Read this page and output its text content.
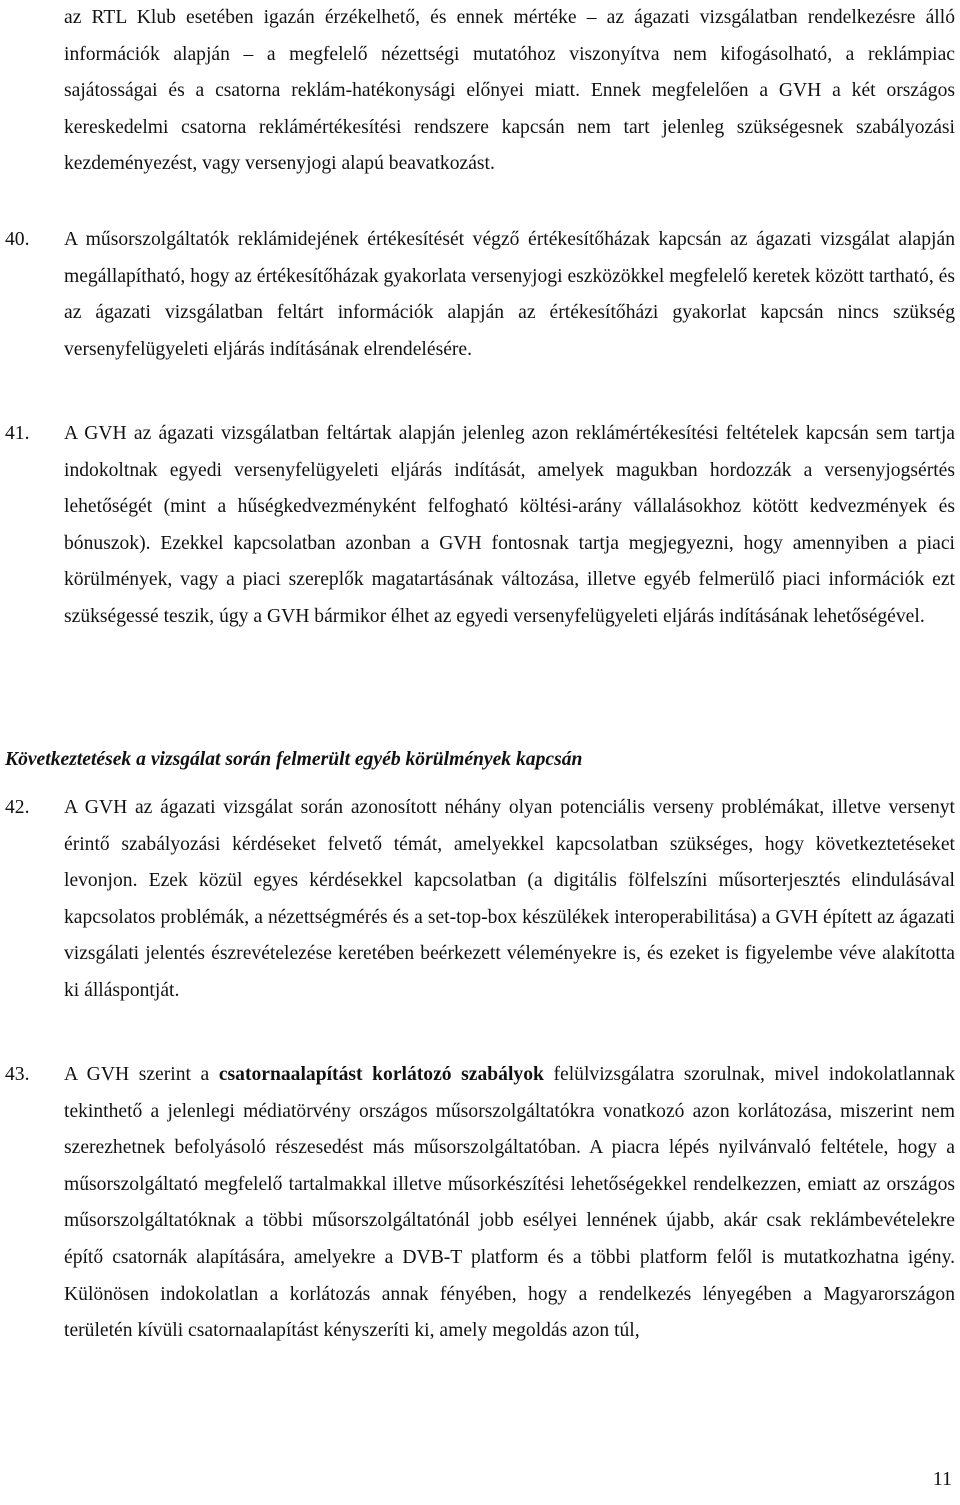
az RTL Klub esetében igazán érzékelhető, és ennek mértéke – az ágazati vizsgálatban rendelkezésre álló információk alapján – a megfelelő nézettségi mutatóhoz viszonyítva nem kifogásolható, a reklámpiac sajátosságai és a csatorna reklám-hatékonysági előnyei miatt. Ennek megfelelően a GVH a két országos kereskedelmi csatorna reklámértékesítési rendszere kapcsán nem tart jelenleg szükségesnek szabályozási kezdeményezést, vagy versenyjogi alapú beavatkozást.

40. A műsorszolgáltatók reklámidejének értékesítését végző értékesítőházak kapcsán az ágazati vizsgálat alapján megállapítható, hogy az értékesítőházak gyakorlata versenyjogi eszközökkel megfelelő keretek között tartható, és az ágazati vizsgálatban feltárt információk alapján az értékesítőházi gyakorlat kapcsán nincs szükség versenyfelügyeleti eljárás indításának elrendelésére.

41. A GVH az ágazati vizsgálatban feltártak alapján jelenleg azon reklámértékesítési feltételek kapcsán sem tartja indokoltnak egyedi versenyfelügyeleti eljárás indítását, amelyek magukban hordozzák a versenyjogsértés lehetőségét (mint a hűségkedvezményként felfogható költési-arány vállalásokhoz kötött kedvezmények és bónuszok). Ezekkel kapcsolatban azonban a GVH fontosnak tartja megjegyezni, hogy amennyiben a piaci körülmények, vagy a piaci szereplők magatartásának változása, illetve egyéb felmerülő piaci információk ezt szükségessé teszik, úgy a GVH bármikor élhet az egyedi versenyfelügyeleti eljárás indításának lehetőségével.

Következtetések a vizsgálat során felmerült egyéb körülmények kapcsán

42. A GVH az ágazati vizsgálat során azonosított néhány olyan potenciális verseny problémákat, illetve versenyt érintő szabályozási kérdéseket felvető témát, amelyekkel kapcsolatban szükséges, hogy következtetéseket levonjon. Ezek közül egyes kérdésekkel kapcsolatban (a digitális fölfelszíni műsorterjesztés elindulásával kapcsolatos problémák, a nézettségmérés és a set-top-box készülékek interoperabilitása) a GVH épített az ágazati vizsgálati jelentés észrevételezése keretében beérkezett véleményekre is, és ezeket is figyelembe véve alakította ki álláspontját.

43. A GVH szerint a csatornaalapítást korlátozó szabályok felülvizsgálatra szorulnak, mivel indokolatlannak tekinthető a jelenlegi médiatörvény országos műsorszolgáltatókra vonatkozó azon korlátozása, miszerint nem szerezhetnek befolyásoló részesedést más műsorszolgáltatóban. A piacra lépés nyilvánvaló feltétele, hogy a műsorszolgáltató megfelelő tartalmakkal illetve műsorkészítési lehetőségekkel rendelkezzen, emiatt az országos műsorszolgáltatóknak a többi műsorszolgáltatónál jobb esélyei lennének újabb, akár csak reklámbevételekre építő csatornák alapítására, amelyekre a DVB-T platform és a többi platform felől is mutatkozhatna igény. Különösen indokolatlan a korlátozás annak fényében, hogy a rendelkezés lényegében a Magyarországon területén kívüli csatornaalapítást kényszeríti ki, amely megoldás azon túl,

11
